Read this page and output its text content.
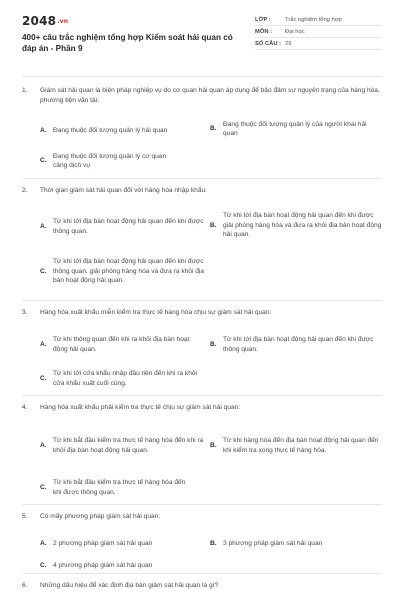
2048.vn
400+ câu trắc nghiệm tổng hợp Kiểm soát hải quan có đáp án - Phần 9
LỚP :	Trắc nghiệm tổng hợp
MÔN :	Đại học
SỐ CÂU : 29
1.	Giám sát hải quan là biện pháp nghiệp vụ do cơ quan hải quan áp dụng để bảo đảm sự nguyên trạng của hàng hóa, phương tiện vận tải:
A. Đang thuộc đối tượng quản lý hải quan	B.
Đang thuộc đối tượng quản lý của người khai hải quan
C.
Đang thuộc đối tượng quản lý cơ quan cảng dịch vụ
2.	Thời gian giám sát hải quan đối với hàng hóa nhập khẩu:
A.
Từ khi tới địa bàn hoạt động hải quan đến khi được thông quan.
B.
Từ khi tới địa bàn hoạt động hải quan đến khi được giải phóng hàng hóa và đưa ra khỏi địa bàn hoạt động hải quan.
C.
Từ khi tới địa bàn hoạt động hải quan đến khi được thông quan, giải phóng hàng hóa và đưa ra khỏi địa bàn hoạt động hải quan.
3.	Hàng hóa xuất khẩu miễn kiểm tra thực tế hàng hóa chịu sự giám sát hải quan:
A.
Từ khi thông quan đến khi ra khỏi địa bàn hoạt động hải quan.
B.
Từ khi tới địa bàn hoạt động hải quan đến khi được thông quan.
C.
Từ khi tới cửa khẩu nhập đầu tiên đến khi ra khỏi cửa khẩu xuất cuối cùng.
4.	Hàng hóa xuất khẩu phải kiểm tra thực tế chịu sự giám sát hải quan:
A.
Từ khi bắt đầu kiểm tra thực tế hàng hóa đến khi ra khỏi địa bàn hoạt động hải quan.
B.
Từ khi hàng hóa đến địa bàn hoạt động hải quan đến khi kiểm tra xong thực tế hàng hóa.
C.
Từ khi bắt đầu kiểm tra thực tế hàng hóa đến khi được thông quan.
5.	Có mấy phương pháp giám sát hải quan:
A. 2 phương pháp giám sát hải quan	B. 3 phương pháp giám sát hải quan
C. 4 phương pháp giám sát hải quan
6.	Những dấu hiệu để xác định địa bàn giám sát hải quan là gì?
